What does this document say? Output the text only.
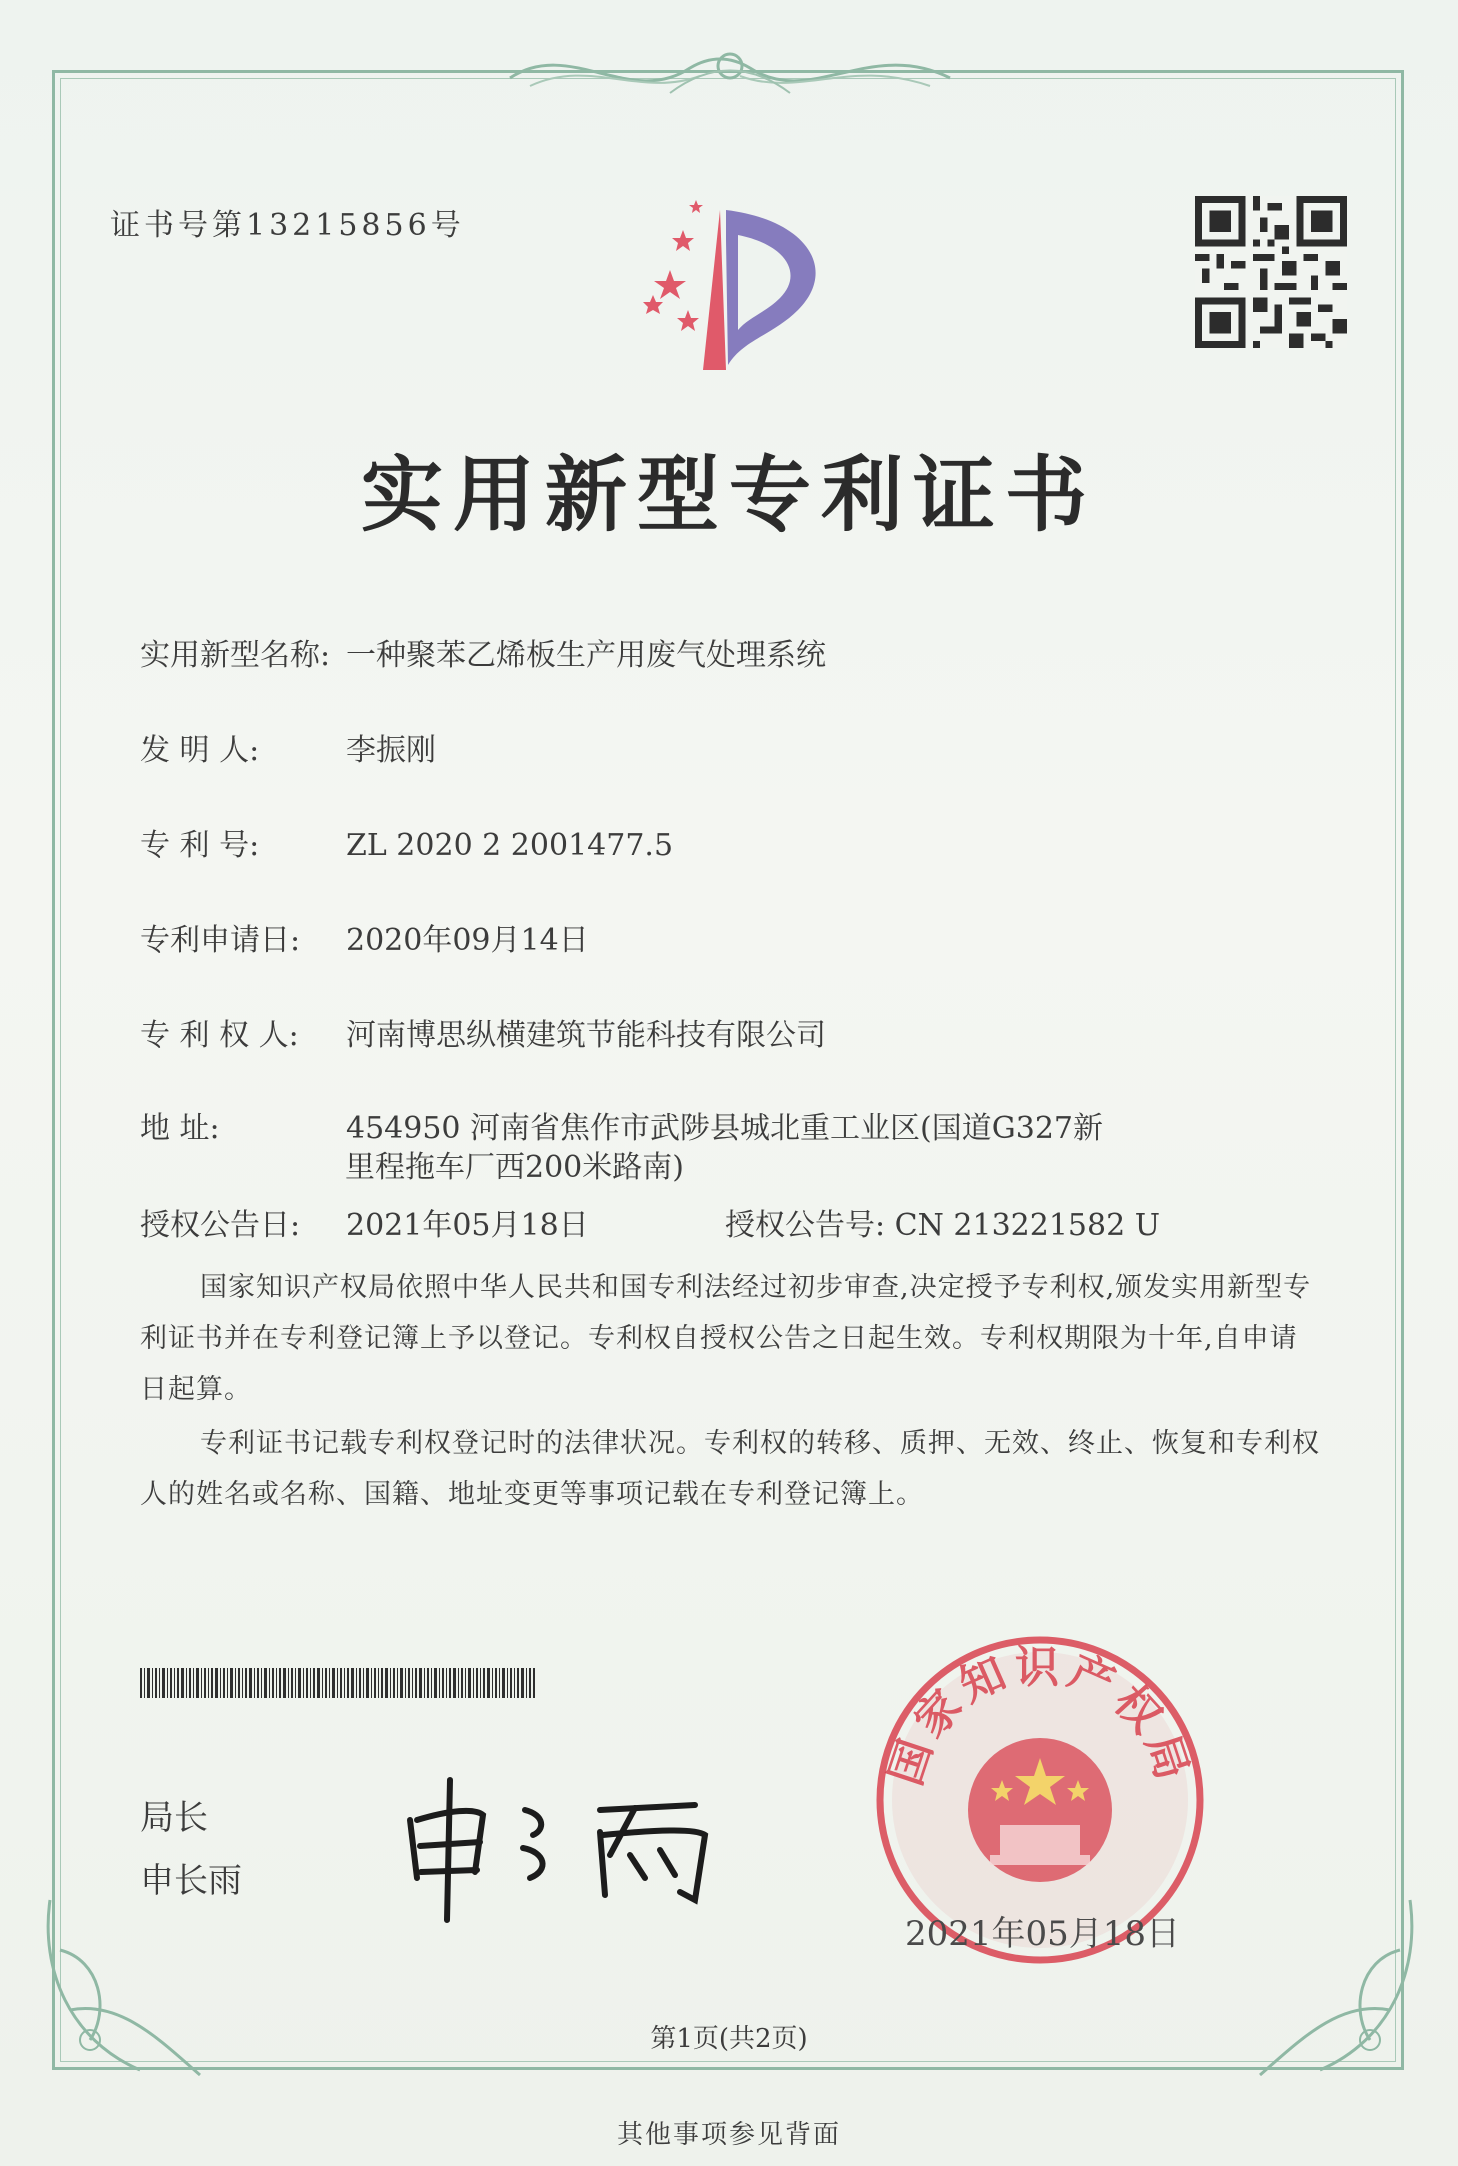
证书号第13215856号
实用新型专利证书
实用新型名称: 一种聚苯乙烯板生产用废气处理系统
发 明 人:	李振刚
专 利 号:	ZL 2020 2 2001477.5
专利申请日: 2020年09月14日
专 利 权 人: 河南博思纵横建筑节能科技有限公司
地 址:	454950 河南省焦作市武陟县城北重工业区(国道G327新
里程拖车厂西200米路南)
授权公告日: 2021年05月18日	授权公告号: CN 213221582 U
国家知识产权局依照中华人民共和国专利法经过初步审查,决定授予专利权,颁发实用新型专利证书并在专利登记簿上予以登记。专利权自授权公告之日起生效。专利权期限为十年,自申请日起算。
专利证书记载专利权登记时的法律状况。专利权的转移、质押、无效、终止、恢复和专利权人的姓名或名称、国籍、地址变更等事项记载在专利登记簿上。
局长
申长雨
国家知识产权局
2021年05月18日
第1页(共2页)
其他事项参见背面
